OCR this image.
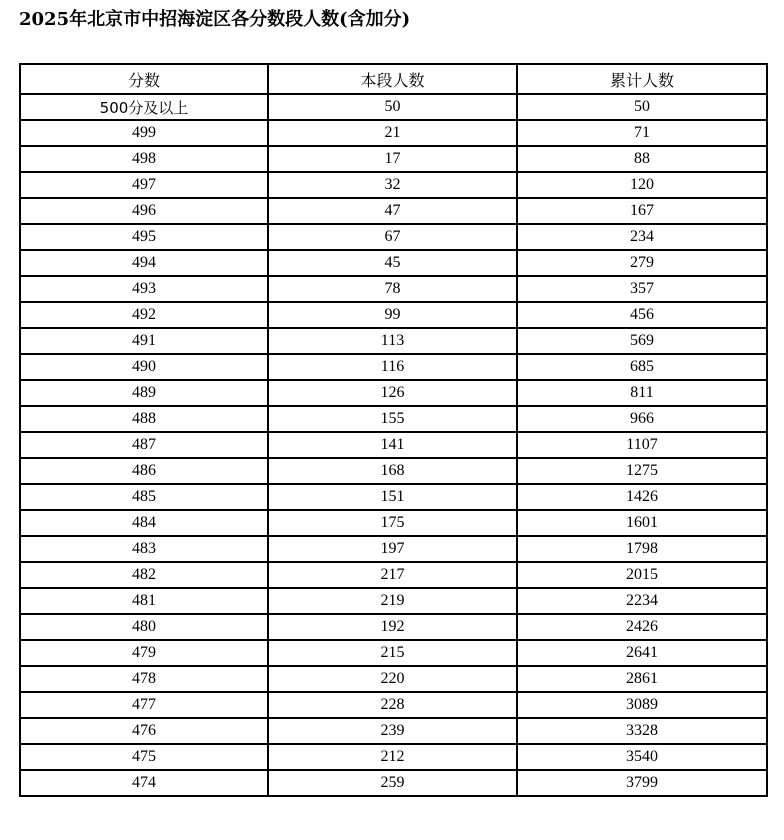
2025年北京市中招海淀区各分数段人数(含加分)
分数	本段人数	累计人数
500分及以上	50	50
499	21	71
498	17	88
497	32	120
496	47	167
495	67	234
494	45	279
493	78	357
492	99	456
491	113	569
490	116	685
489	126	811
488	155	966
487	141	1107
486	168	1275
485	151	1426
484	175	1601
483	197	1798
482	217	2015
481	219	2234
480	192	2426
479	215	2641
478	220	2861
477	228	3089
476	239	3328
475	212	3540
474	259	3799
